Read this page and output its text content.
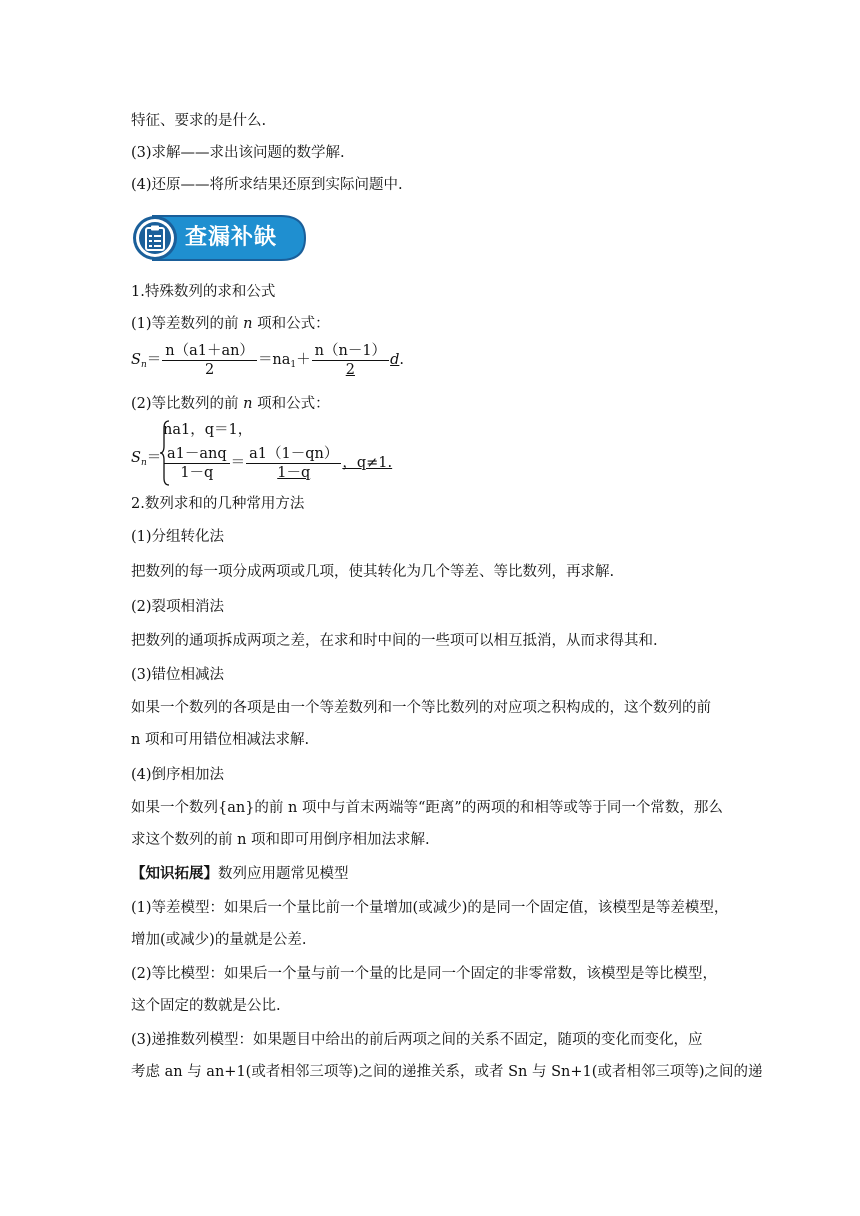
特征、要求的是什么.
(3)求解——求出该问题的数学解.
(4)还原——将所求结果还原到实际问题中.
查漏补缺
1.特殊数列的求和公式
(1)等差数列的前 n 项和公式：
$S_n= \frac{n(a1+an)}{2} =na_1+ \frac{n(n-1)}{2} d$.
(2)等比数列的前 n 项和公式：
$S_n=$
na1，q＝1，
$\frac{\text{a1－anq}}{1-q} = \frac{a1(1-qn)}{1-q}$ ，q≠1.
2.数列求和的几种常用方法
(1)分组转化法
把数列的每一项分成两项或几项，使其转化为几个等差、等比数列，再求解.
(2)裂项相消法
把数列的通项拆成两项之差，在求和时中间的一些项可以相互抵消，从而求得其和.
(3)错位相减法
如果一个数列的各项是由一个等差数列和一个等比数列的对应项之积构成的，这个数列的前
n 项和可用错位相减法求解.
(4)倒序相加法
如果一个数列{an}的前 n 项中与首末两端等“距离”的两项的和相等或等于同一个常数，那么
求这个数列的前 n 项和即可用倒序相加法求解.
【知识拓展】数列应用题常见模型
(1)等差模型：如果后一个量比前一个量增加(或减少)的是同一个固定值，该模型是等差模型，
增加(或减少)的量就是公差.
(2)等比模型：如果后一个量与前一个量的比是同一个固定的非零常数，该模型是等比模型，
这个固定的数就是公比.
(3)递推数列模型：如果题目中给出的前后两项之间的关系不固定，随项的变化而变化，应
考虑 an 与 an+1(或者相邻三项等)之间的递推关系，或者 Sn 与 Sn+1(或者相邻三项等)之间的递
